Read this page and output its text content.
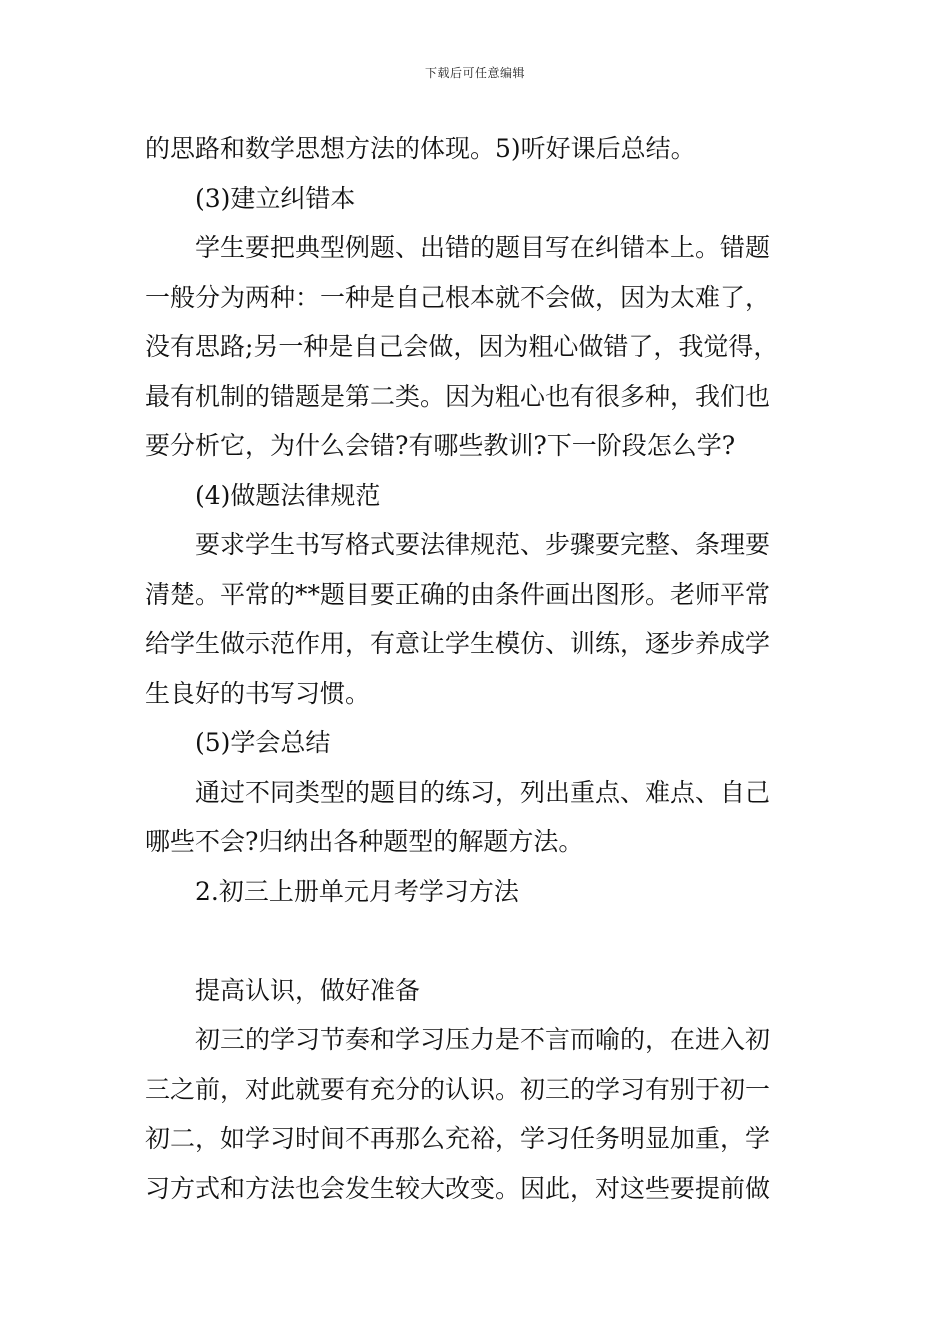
下载后可任意编辑
的思路和数学思想方法的体现。5)听好课后总结。
(3)建立纠错本
学生要把典型例题、出错的题目写在纠错本上。错题
一般分为两种：一种是自己根本就不会做，因为太难了，
没有思路;另一种是自己会做，因为粗心做错了，我觉得，
最有机制的错题是第二类。因为粗心也有很多种，我们也
要分析它，为什么会错?有哪些教训?下一阶段怎么学?
(4)做题法律规范
要求学生书写格式要法律规范、步骤要完整、条理要
清楚。平常的**题目要正确的由条件画出图形。老师平常
给学生做示范作用，有意让学生模仿、训练，逐步养成学
生良好的书写习惯。
(5)学会总结
通过不同类型的题目的练习，列出重点、难点、自己
哪些不会?归纳出各种题型的解题方法。
2.初三上册单元月考学习方法
提高认识，做好准备
初三的学习节奏和学习压力是不言而喻的，在进入初
三之前，对此就要有充分的认识。初三的学习有别于初一
初二，如学习时间不再那么充裕，学习任务明显加重，学
习方式和方法也会发生较大改变。因此，对这些要提前做
